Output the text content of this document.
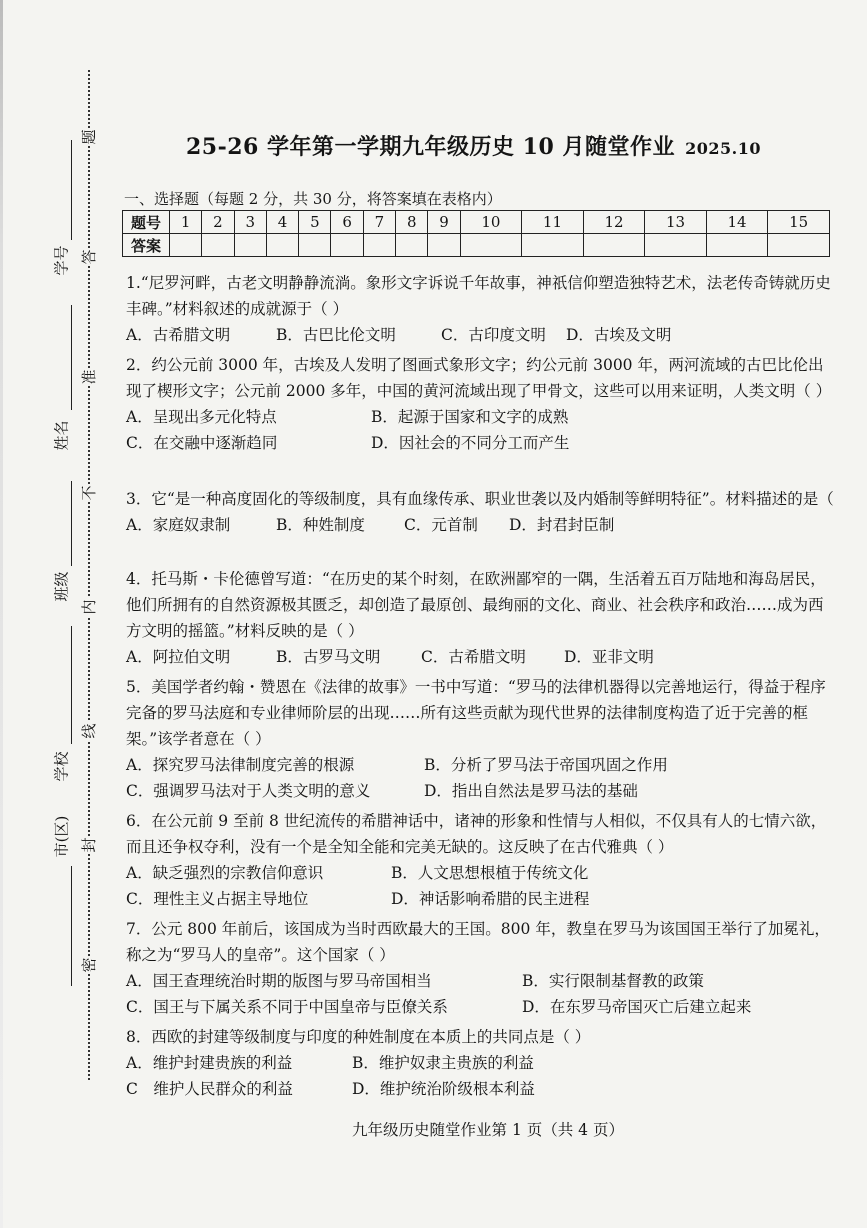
题
答
准
不
内
线
封
密
学号
姓名
班级
学校
市(区)
25-26 学年第一学期九年级历史 10 月随堂作业 2025.10
一、选择题（每题 2 分，共 30 分，将答案填在表格内）
题号	1	2	3	4	5	6	7	8	9	10	11	12	13	14	15
答案															

1.“尼罗河畔，古老文明静静流淌。象形文字诉说千年故事，神祇信仰塑造独特艺术，法老传奇铸就历史丰碑。”材料叙述的成就源于（ ）

A．古希腊文明	B．古巴比伦文明	C．古印度文明	D．古埃及文明

2．约公元前 3000 年，古埃及人发明了图画式象形文字；约公元前 3000 年，两河流域的古巴比伦出现了楔形文字；公元前 2000 多年，中国的黄河流域出现了甲骨文，这些可以用来证明，人类文明（ ）

A．呈现出多元化特点	B．起源于国家和文字的成熟
C．在交融中逐渐趋同	D．因社会的不同分工而产生

3．它“是一种高度固化的等级制度，具有血缘传承、职业世袭以及内婚制等鲜明特征”。材料描述的是（

A．家庭奴隶制	B．种姓制度	C．元首制	D．封君封臣制

4．托马斯・卡伦德曾写道：“在历史的某个时刻，在欧洲鄙窄的一隅，生活着五百万陆地和海岛居民，他们所拥有的自然资源极其匮乏，却创造了最原创、最绚丽的文化、商业、社会秩序和政治……成为西方文明的摇篮。”材料反映的是（ ）

A．阿拉伯文明	B．古罗马文明	C．古希腊文明	D．亚非文明

5．美国学者约翰・赞恩在《法律的故事》一书中写道：“罗马的法律机器得以完善地运行，得益于程序完备的罗马法庭和专业律师阶层的出现……所有这些贡献为现代世界的法律制度构造了近于完善的框架。”该学者意在（ ）

A．探究罗马法律制度完善的根源	B．分析了罗马法于帝国巩固之作用
C．强调罗马法对于人类文明的意义	D．指出自然法是罗马法的基础

6．在公元前 9 至前 8 世纪流传的希腊神话中，诸神的形象和性情与人相似，不仅具有人的七情六欲，而且还争权夺利，没有一个是全知全能和完美无缺的。这反映了在古代雅典（ ）

A．缺乏强烈的宗教信仰意识	B．人文思想根植于传统文化
C．理性主义占据主导地位	D．神话影响希腊的民主进程

7．公元 800 年前后，该国成为当时西欧最大的王国。800 年，教皇在罗马为该国国王举行了加冕礼，称之为“罗马人的皇帝”。这个国家（ ）

A．国王查理统治时期的版图与罗马帝国相当	B．实行限制基督教的政策
C．国王与下属关系不同于中国皇帝与臣僚关系	D．在东罗马帝国灭亡后建立起来

8．西欧的封建等级制度与印度的种姓制度在本质上的共同点是（ ）

A．维护封建贵族的利益	B．维护奴隶主贵族的利益
C　维护人民群众的利益	D．维护统治阶级根本利益
九年级历史随堂作业第 1 页（共 4 页）
